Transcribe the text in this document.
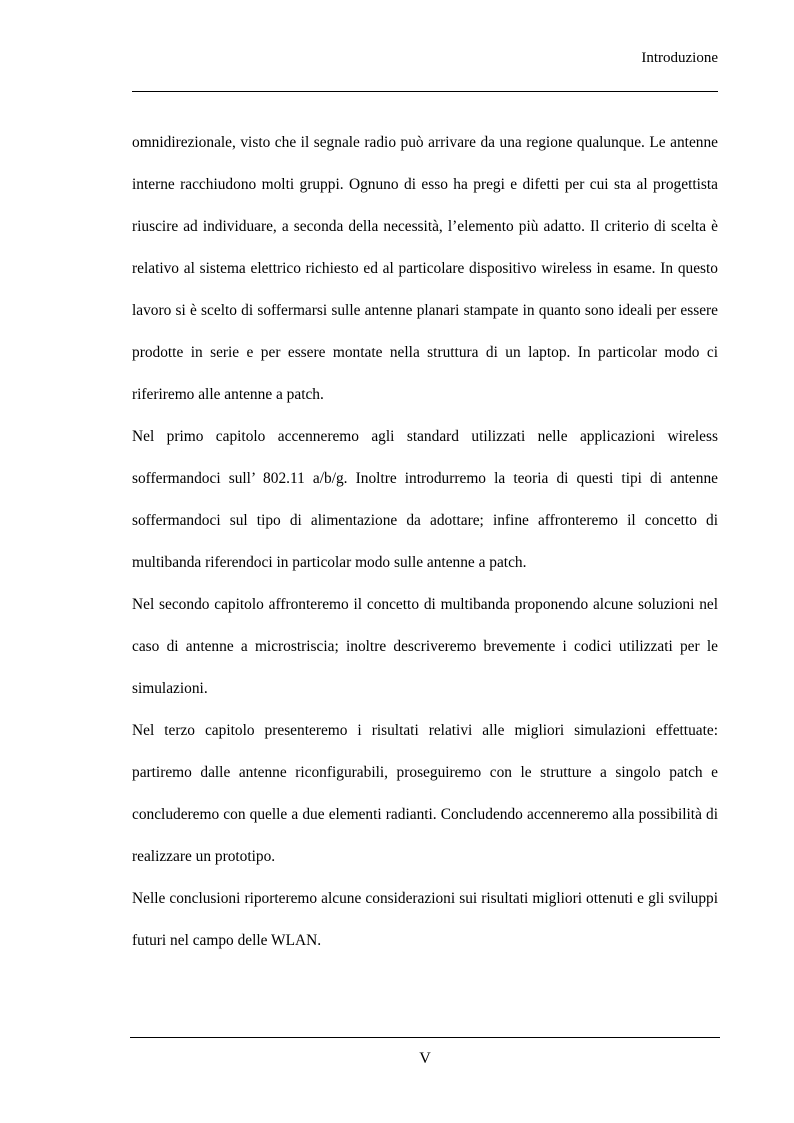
Introduzione

omnidirezionale, visto che il segnale radio può arrivare da una regione qualunque. Le antenne interne racchiudono molti gruppi. Ognuno di esso ha pregi e difetti per cui sta al progettista riuscire ad individuare, a seconda della necessità, l’elemento più adatto. Il criterio di scelta è relativo al sistema elettrico richiesto ed al particolare dispositivo wireless in esame. In questo lavoro si è scelto di soffermarsi sulle antenne planari stampate in quanto sono ideali per essere prodotte in serie e per essere montate nella struttura di un laptop. In particolar modo ci riferiremo alle antenne a patch.

Nel primo capitolo accenneremo agli standard utilizzati nelle applicazioni wireless soffermandoci sull’ 802.11 a/b/g. Inoltre introdurremo la teoria di questi tipi di antenne soffermandoci sul tipo di alimentazione da adottare; infine affronteremo il concetto di multibanda riferendoci in particolar modo sulle antenne a patch.

Nel secondo capitolo affronteremo il concetto di multibanda proponendo alcune soluzioni nel caso di antenne a microstriscia; inoltre descriveremo brevemente i codici utilizzati per le simulazioni.

Nel terzo capitolo presenteremo i risultati relativi alle migliori simulazioni effettuate: partiremo dalle antenne riconfigurabili, proseguiremo con le strutture a singolo patch e concluderemo con quelle a due elementi radianti. Concludendo accenneremo alla possibilità di realizzare un prototipo.

Nelle conclusioni riporteremo alcune considerazioni sui risultati migliori ottenuti e gli sviluppi futuri nel campo delle WLAN.

V
